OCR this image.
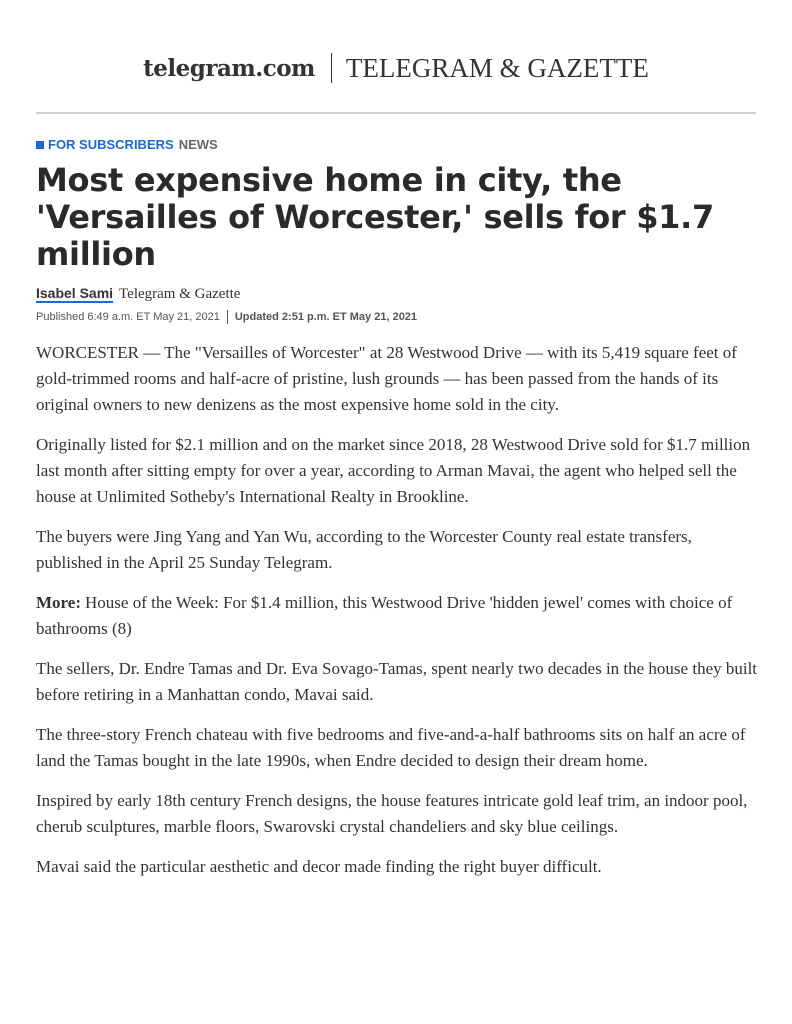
telegram.com TELEGRAM & GAZETTE
FOR SUBSCRIBERS NEWS
Most expensive home in city, the 'Versailles of Worcester,' sells for $1.7 million
Isabel Sami Telegram & Gazette
Published 6:49 a.m. ET May 21, 2021 Updated 2:51 p.m. ET May 21, 2021

WORCESTER — The "Versailles of Worcester" at 28 Westwood Drive — with its 5,419 square feet of gold-trimmed rooms and half-acre of pristine, lush grounds — has been passed from the hands of its original owners to new denizens as the most expensive home sold in the city.

Originally listed for $2.1 million and on the market since 2018, 28 Westwood Drive sold for $1.7 million last month after sitting empty for over a year, according to Arman Mavai, the agent who helped sell the house at Unlimited Sotheby's International Realty in Brookline.

The buyers were Jing Yang and Yan Wu, according to the Worcester County real estate transfers, published in the April 25 Sunday Telegram.

More: House of the Week: For $1.4 million, this Westwood Drive 'hidden jewel' comes with choice of bathrooms (8)

The sellers, Dr. Endre Tamas and Dr. Eva Sovago-Tamas, spent nearly two decades in the house they built before retiring in a Manhattan condo, Mavai said.

The three-story French chateau with five bedrooms and five-and-a-half bathrooms sits on half an acre of land the Tamas bought in the late 1990s, when Endre decided to design their dream home.

Inspired by early 18th century French designs, the house features intricate gold leaf trim, an indoor pool, cherub sculptures, marble floors, Swarovski crystal chandeliers and sky blue ceilings.

Mavai said the particular aesthetic and decor made finding the right buyer difficult.
